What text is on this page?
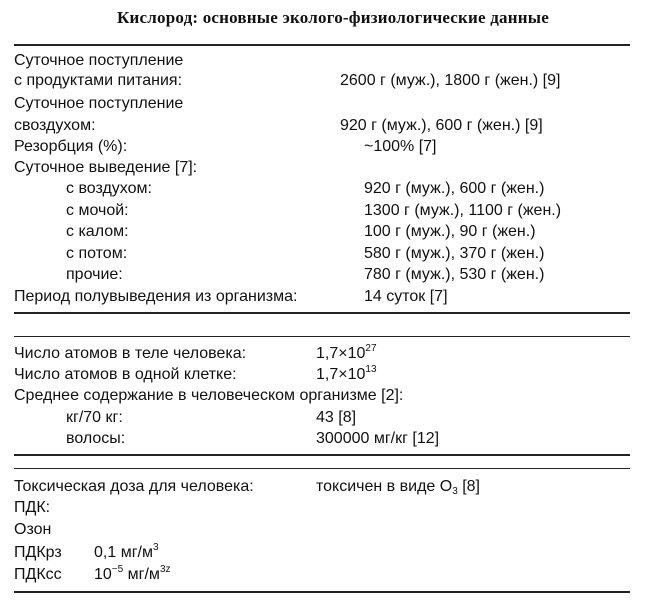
Кислород: основные эколого-физиологические данные
Суточное поступление
с продуктами питания:	2600 г (муж.), 1800 г (жен.) [9]
Суточное поступление
своздухом:	920 г (муж.), 600 г (жен.) [9]
Резорбция (%):	~100% [7]
Суточное выведение [7]:
с воздухом:	920 г (муж.), 600 г (жен.)
с мочой:	1300 г (муж.), 1100 г (жен.)
с калом:	100 г (муж.), 90 г (жен.)
с потом:	580 г (муж.), 370 г (жен.)
прочие:	780 г (муж.), 530 г (жен.)
Период полувыведения из организма:	14 суток [7]
Число атомов в теле человека:	$1,7\times 10^{27}$
Число атомов в одной клетке:	$1,7\times 10^{13}$
Среднее содержание в человеческом организме [2]:
кг/70 кг:	43 [8]
волосы:	300000 мг/кг [12]
Токсическая доза для человека:	токсичен в виде $O_3$ [8]
ПДК:
Озон
ПДКрз 0,1 $мг/м^3$
ПДКсс $10^{-5}$ $мг/м^{3z}$
